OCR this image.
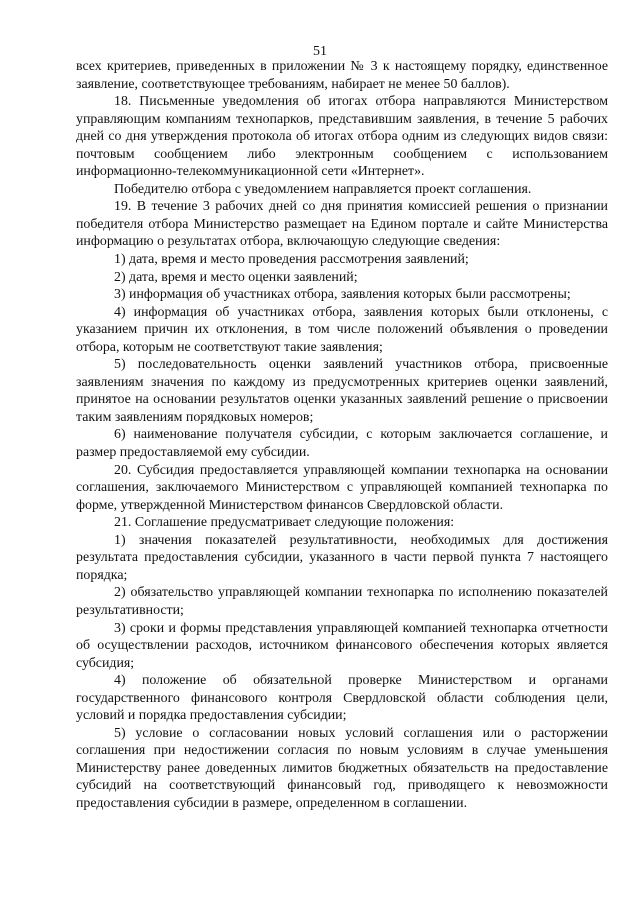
51

всех критериев, приведенных в приложении № 3 к настоящему порядку, единственное заявление, соответствующее требованиям, набирает не менее 50 баллов).

18. Письменные уведомления об итогах отбора направляются Министерством управляющим компаниям технопарков, представившим заявления, в течение 5 рабочих дней со дня утверждения протокола об итогах отбора одним из следующих видов связи: почтовым сообщением либо электронным сообщением с использованием информационно-телекоммуникационной сети «Интернет».

Победителю отбора с уведомлением направляется проект соглашения.

19. В течение 3 рабочих дней со дня принятия комиссией решения о признании победителя отбора Министерство размещает на Едином портале и сайте Министерства информацию о результатах отбора, включающую следующие сведения:

1) дата, время и место проведения рассмотрения заявлений;

2) дата, время и место оценки заявлений;

3) информация об участниках отбора, заявления которых были рассмотрены;

4) информация об участниках отбора, заявления которых были отклонены, с указанием причин их отклонения, в том числе положений объявления о проведении отбора, которым не соответствуют такие заявления;

5) последовательность оценки заявлений участников отбора, присвоенные заявлениям значения по каждому из предусмотренных критериев оценки заявлений, принятое на основании результатов оценки указанных заявлений решение о присвоении таким заявлениям порядковых номеров;

6) наименование получателя субсидии, с которым заключается соглашение, и размер предоставляемой ему субсидии.

20. Субсидия предоставляется управляющей компании технопарка на основании соглашения, заключаемого Министерством с управляющей компанией технопарка по форме, утвержденной Министерством финансов Свердловской области.

21. Соглашение предусматривает следующие положения:

1) значения показателей результативности, необходимых для достижения результата предоставления субсидии, указанного в части первой пункта 7 настоящего порядка;

2) обязательство управляющей компании технопарка по исполнению показателей результативности;

3) сроки и формы представления управляющей компанией технопарка отчетности об осуществлении расходов, источником финансового обеспечения которых является субсидия;

4) положение об обязательной проверке Министерством и органами государственного финансового контроля Свердловской области соблюдения цели, условий и порядка предоставления субсидии;

5) условие о согласовании новых условий соглашения или о расторжении соглашения при недостижении согласия по новым условиям в случае уменьшения Министерству ранее доведенных лимитов бюджетных обязательств на предоставление субсидий на соответствующий финансовый год, приводящего к невозможности предоставления субсидии в размере, определенном в соглашении.
